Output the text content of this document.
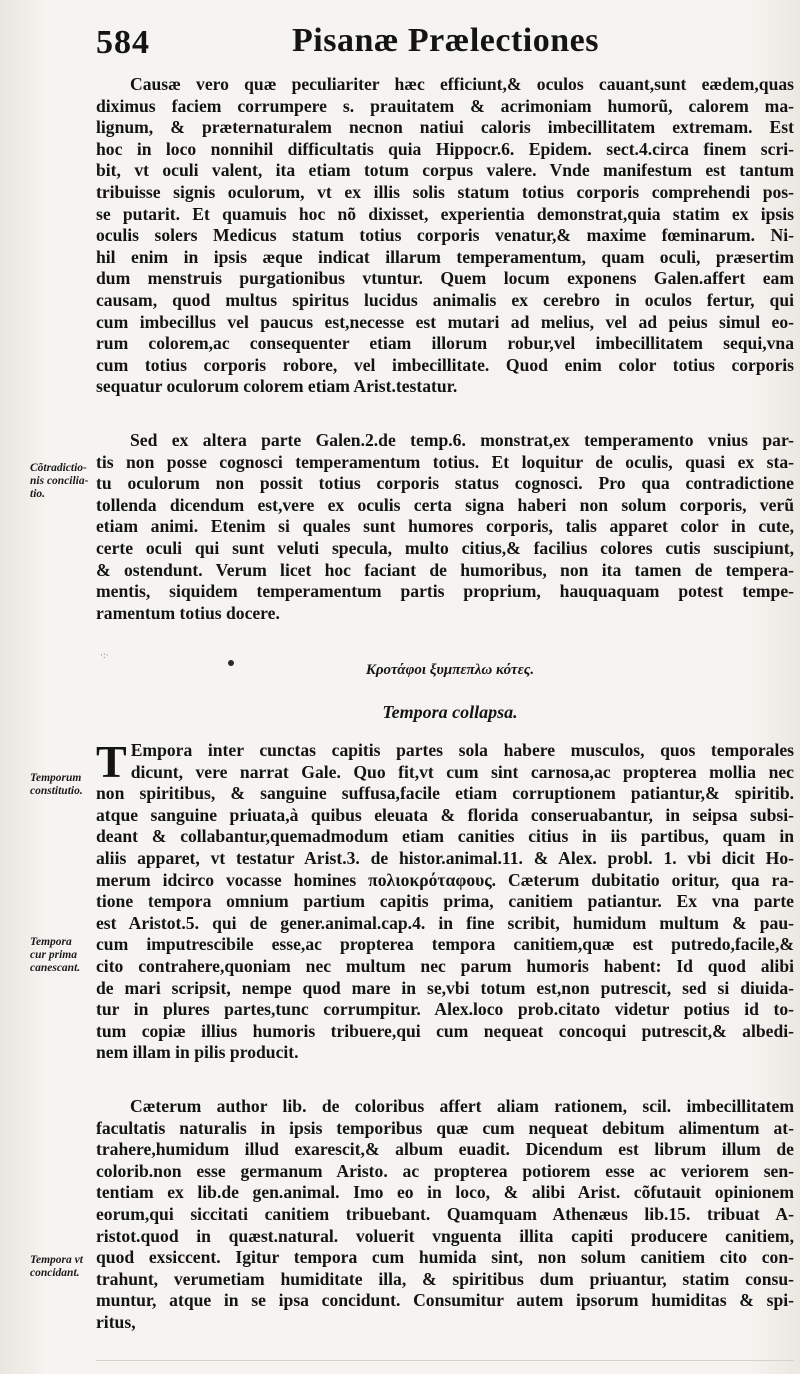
584	Pisanæ Prælectiones
Causæ vero quæ peculiariter hæc efficiunt,& oculos cauant,sunt eædem,quas
diximus faciem corrumpere s. prauitatem & acrimoniam humorũ, calorem ma-
lignum, & præternaturalem necnon natiui caloris imbecillitatem extremam. Est
hoc in loco nonnihil difficultatis quia Hippocr.6. Epidem. sect.4.circa finem scri-
bit, vt oculi valent, ita etiam totum corpus valere. Vnde manifestum est tantum
tribuisse signis oculorum, vt ex illis solis statum totius corporis comprehendi pos-
se putarit. Et quamuis hoc nõ dixisset, experientia demonstrat,quia statim ex ipsis
oculis solers Medicus statum totius corporis venatur,& maxime fœminarum. Ni-
hil enim in ipsis æque indicat illarum temperamentum, quam oculi, præsertim
dum menstruis purgationibus vtuntur. Quem locum exponens Galen.affert eam
causam, quod multus spiritus lucidus animalis ex cerebro in oculos fertur, qui
cum imbecillus vel paucus est,necesse est mutari ad melius, vel ad peius simul eo-
rum colorem,ac consequenter etiam illorum robur,vel imbecillitatem sequi,vna
cum totius corporis robore, vel imbecillitate. Quod enim color totius corporis
sequatur oculorum colorem etiam Arist.testatur.
Sed ex altera parte Galen.2.de temp.6. monstrat,ex temperamento vnius par-
tis non posse cognosci temperamentum totius. Et loquitur de oculis, quasi ex sta-
tu oculorum non possit totius corporis status cognosci. Pro qua contradictione
tollenda dicendum est,vere ex oculis certa signa haberi non solum corporis, verũ
etiam animi. Etenim si quales sunt humores corporis, talis apparet color in cute,
certe oculi qui sunt veluti specula, multo citius,& facilius colores cutis suscipiunt,
& ostendunt. Verum licet hoc faciant de humoribus, non ita tamen de tempera-
mentis, siquidem temperamentum partis proprium, hauquaquam potest tempe-
ramentum totius docere.
·:·
Κροτάφοι ξυμπεπλω κότες.
Tempora collapsa.
T Empora inter cunctas capitis partes sola habere musculos, quos temporales
dicunt, vere narrat Gale. Quo fit,vt cum sint carnosa,ac propterea mollia nec
non spiritibus, & sanguine suffusa,facile etiam corruptionem patiantur,& spiritib.
atque sanguine priuata,à quibus eleuata & florida conseruabantur, in seipsa subsi-
deant & collabantur,quemadmodum etiam canities citius in iis partibus, quam in
aliis apparet, vt testatur Arist.3. de histor.animal.11. & Alex. probl. 1. vbi dicit Ho-
merum idcirco vocasse homines πολιοκρόταφους. Cæterum dubitatio oritur, qua ra-
tione tempora omnium partium capitis prima, canitiem patiantur. Ex vna parte
est Aristot.5. qui de gener.animal.cap.4. in fine scribit, humidum multum & pau-
cum imputrescibile esse,ac propterea tempora canitiem,quæ est putredo,facile,&
cito contrahere,quoniam nec multum nec parum humoris habent: Id quod alibi
de mari scripsit, nempe quod mare in se,vbi totum est,non putrescit, sed si diuida-
tur in plures partes,tunc corrumpitur. Alex.loco prob.citato videtur potius id to-
tum copiæ illius humoris tribuere,qui cum nequeat concoqui putrescit,& albedi-
nem illam in pilis producit.
Cæterum author lib. de coloribus affert aliam rationem, scil. imbecillitatem
facultatis naturalis in ipsis temporibus quæ cum nequeat debitum alimentum at-
trahere,humidum illud exarescit,& album euadit. Dicendum est librum illum de
colorib.non esse germanum Aristo. ac propterea potiorem esse ac veriorem sen-
tentiam ex lib.de gen.animal. Imo eo in loco, & alibi Arist. cõfutauit opinionem
eorum,qui siccitati canitiem tribuebant. Quamquam Athenæus lib.15. tribuat A-
ristot.quod in quæst.natural. voluerit vnguenta illita capiti producere canitiem,
quod exsiccent. Igitur tempora cum humida sint, non solum canitiem cito con-
trahunt, verumetiam humiditate illa, & spiritibus dum priuantur, statim consu-
muntur, atque in se ipsa concidunt. Consumitur autem ipsorum humiditas & spi-
ritus,
Cõtradictio-
nis concilia-
tio.
Temporum
constitutio.
Tempora
cur prima
canescant.
Tempora vt
concidant.
